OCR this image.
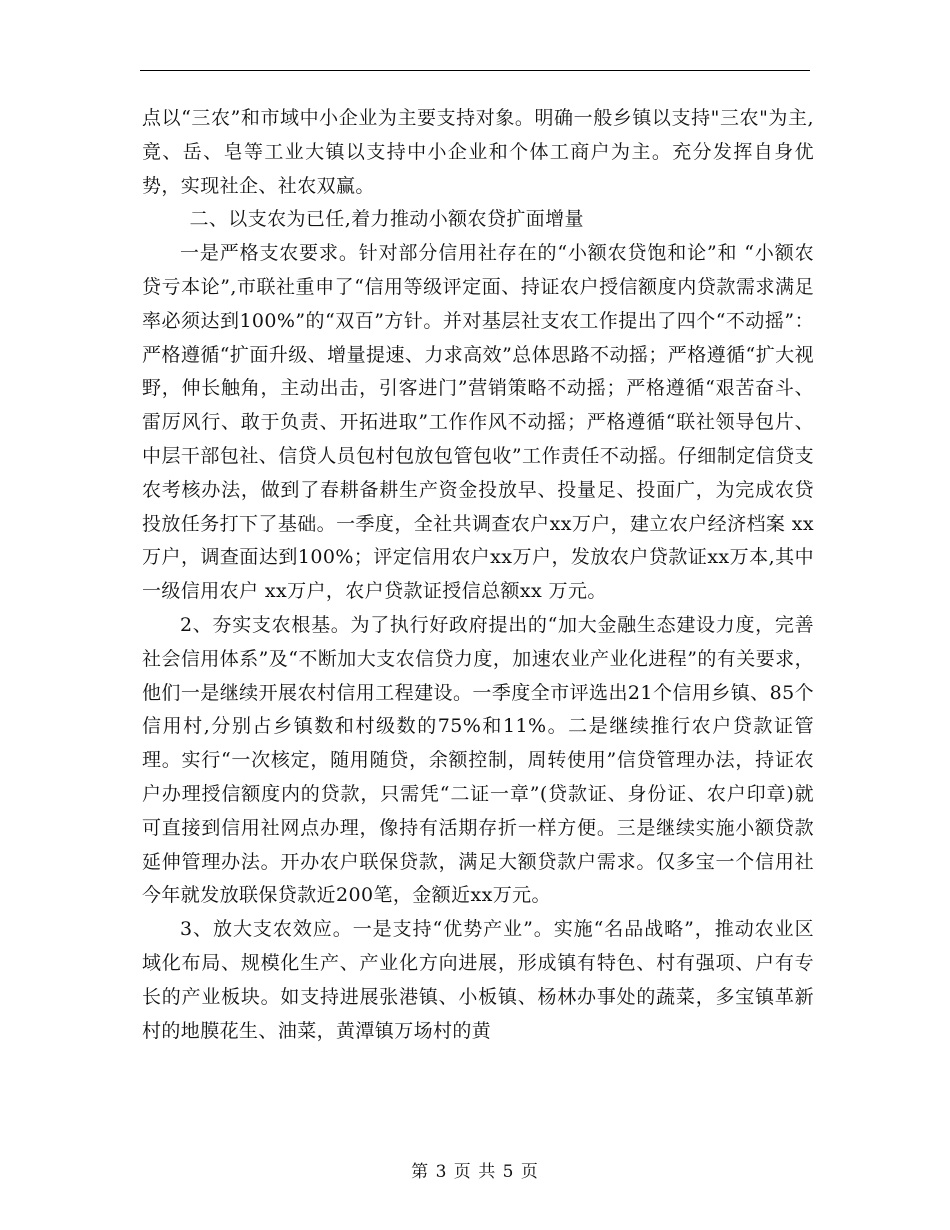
点以“三农”和市域中小企业为主要支持对象。明确一般乡镇以支持"三农"为主,竟、岳、皂等工业大镇以支持中小企业和个体工商户为主。充分发挥自身优势，实现社企、社农双赢。

二、以支农为已任,着力推动小额农贷扩面增量

一是严格支农要求。针对部分信用社存在的“小额农贷饱和论”和 “小额农贷亏本论”,市联社重申了“信用等级评定面、持证农户授信额度内贷款需求满足率必须达到100%”的“双百”方针。并对基层社支农工作提出了四个“不动摇”：严格遵循“扩面升级、增量提速、力求高效”总体思路不动摇；严格遵循“扩大视野，伸长触角，主动出击，引客进门”营销策略不动摇；严格遵循“艰苦奋斗、雷厉风行、敢于负责、开拓进取”工作作风不动摇；严格遵循“联社领导包片、中层干部包社、信贷人员包村包放包管包收”工作责任不动摇。仔细制定信贷支农考核办法，做到了春耕备耕生产资金投放早、投量足、投面广，为完成农贷投放任务打下了基础。一季度，全社共调查农户xx万户，建立农户经济档案 xx万户，调查面达到100%；评定信用农户xx万户，发放农户贷款证xx万本,其中一级信用农户 xx万户，农户贷款证授信总额xx 万元。

2、夯实支农根基。为了执行好政府提出的“加大金融生态建设力度，完善社会信用体系”及“不断加大支农信贷力度，加速农业产业化进程”的有关要求，他们一是继续开展农村信用工程建设。一季度全市评选出21个信用乡镇、85个信用村,分别占乡镇数和村级数的75%和11%。二是继续推行农户贷款证管理。实行“一次核定，随用随贷，余额控制，周转使用”信贷管理办法，持证农户办理授信额度内的贷款，只需凭“二证一章”(贷款证、身份证、农户印章)就可直接到信用社网点办理，像持有活期存折一样方便。三是继续实施小额贷款延伸管理办法。开办农户联保贷款，满足大额贷款户需求。仅多宝一个信用社今年就发放联保贷款近200笔，金额近xx万元。

3、放大支农效应。一是支持“优势产业”。实施“名品战略”，推动农业区域化布局、规模化生产、产业化方向进展，形成镇有特色、村有强项、户有专长的产业板块。如支持进展张港镇、小板镇、杨林办事处的蔬菜，多宝镇革新村的地膜花生、油菜，黄潭镇万场村的黄

第 3 页 共 5 页
